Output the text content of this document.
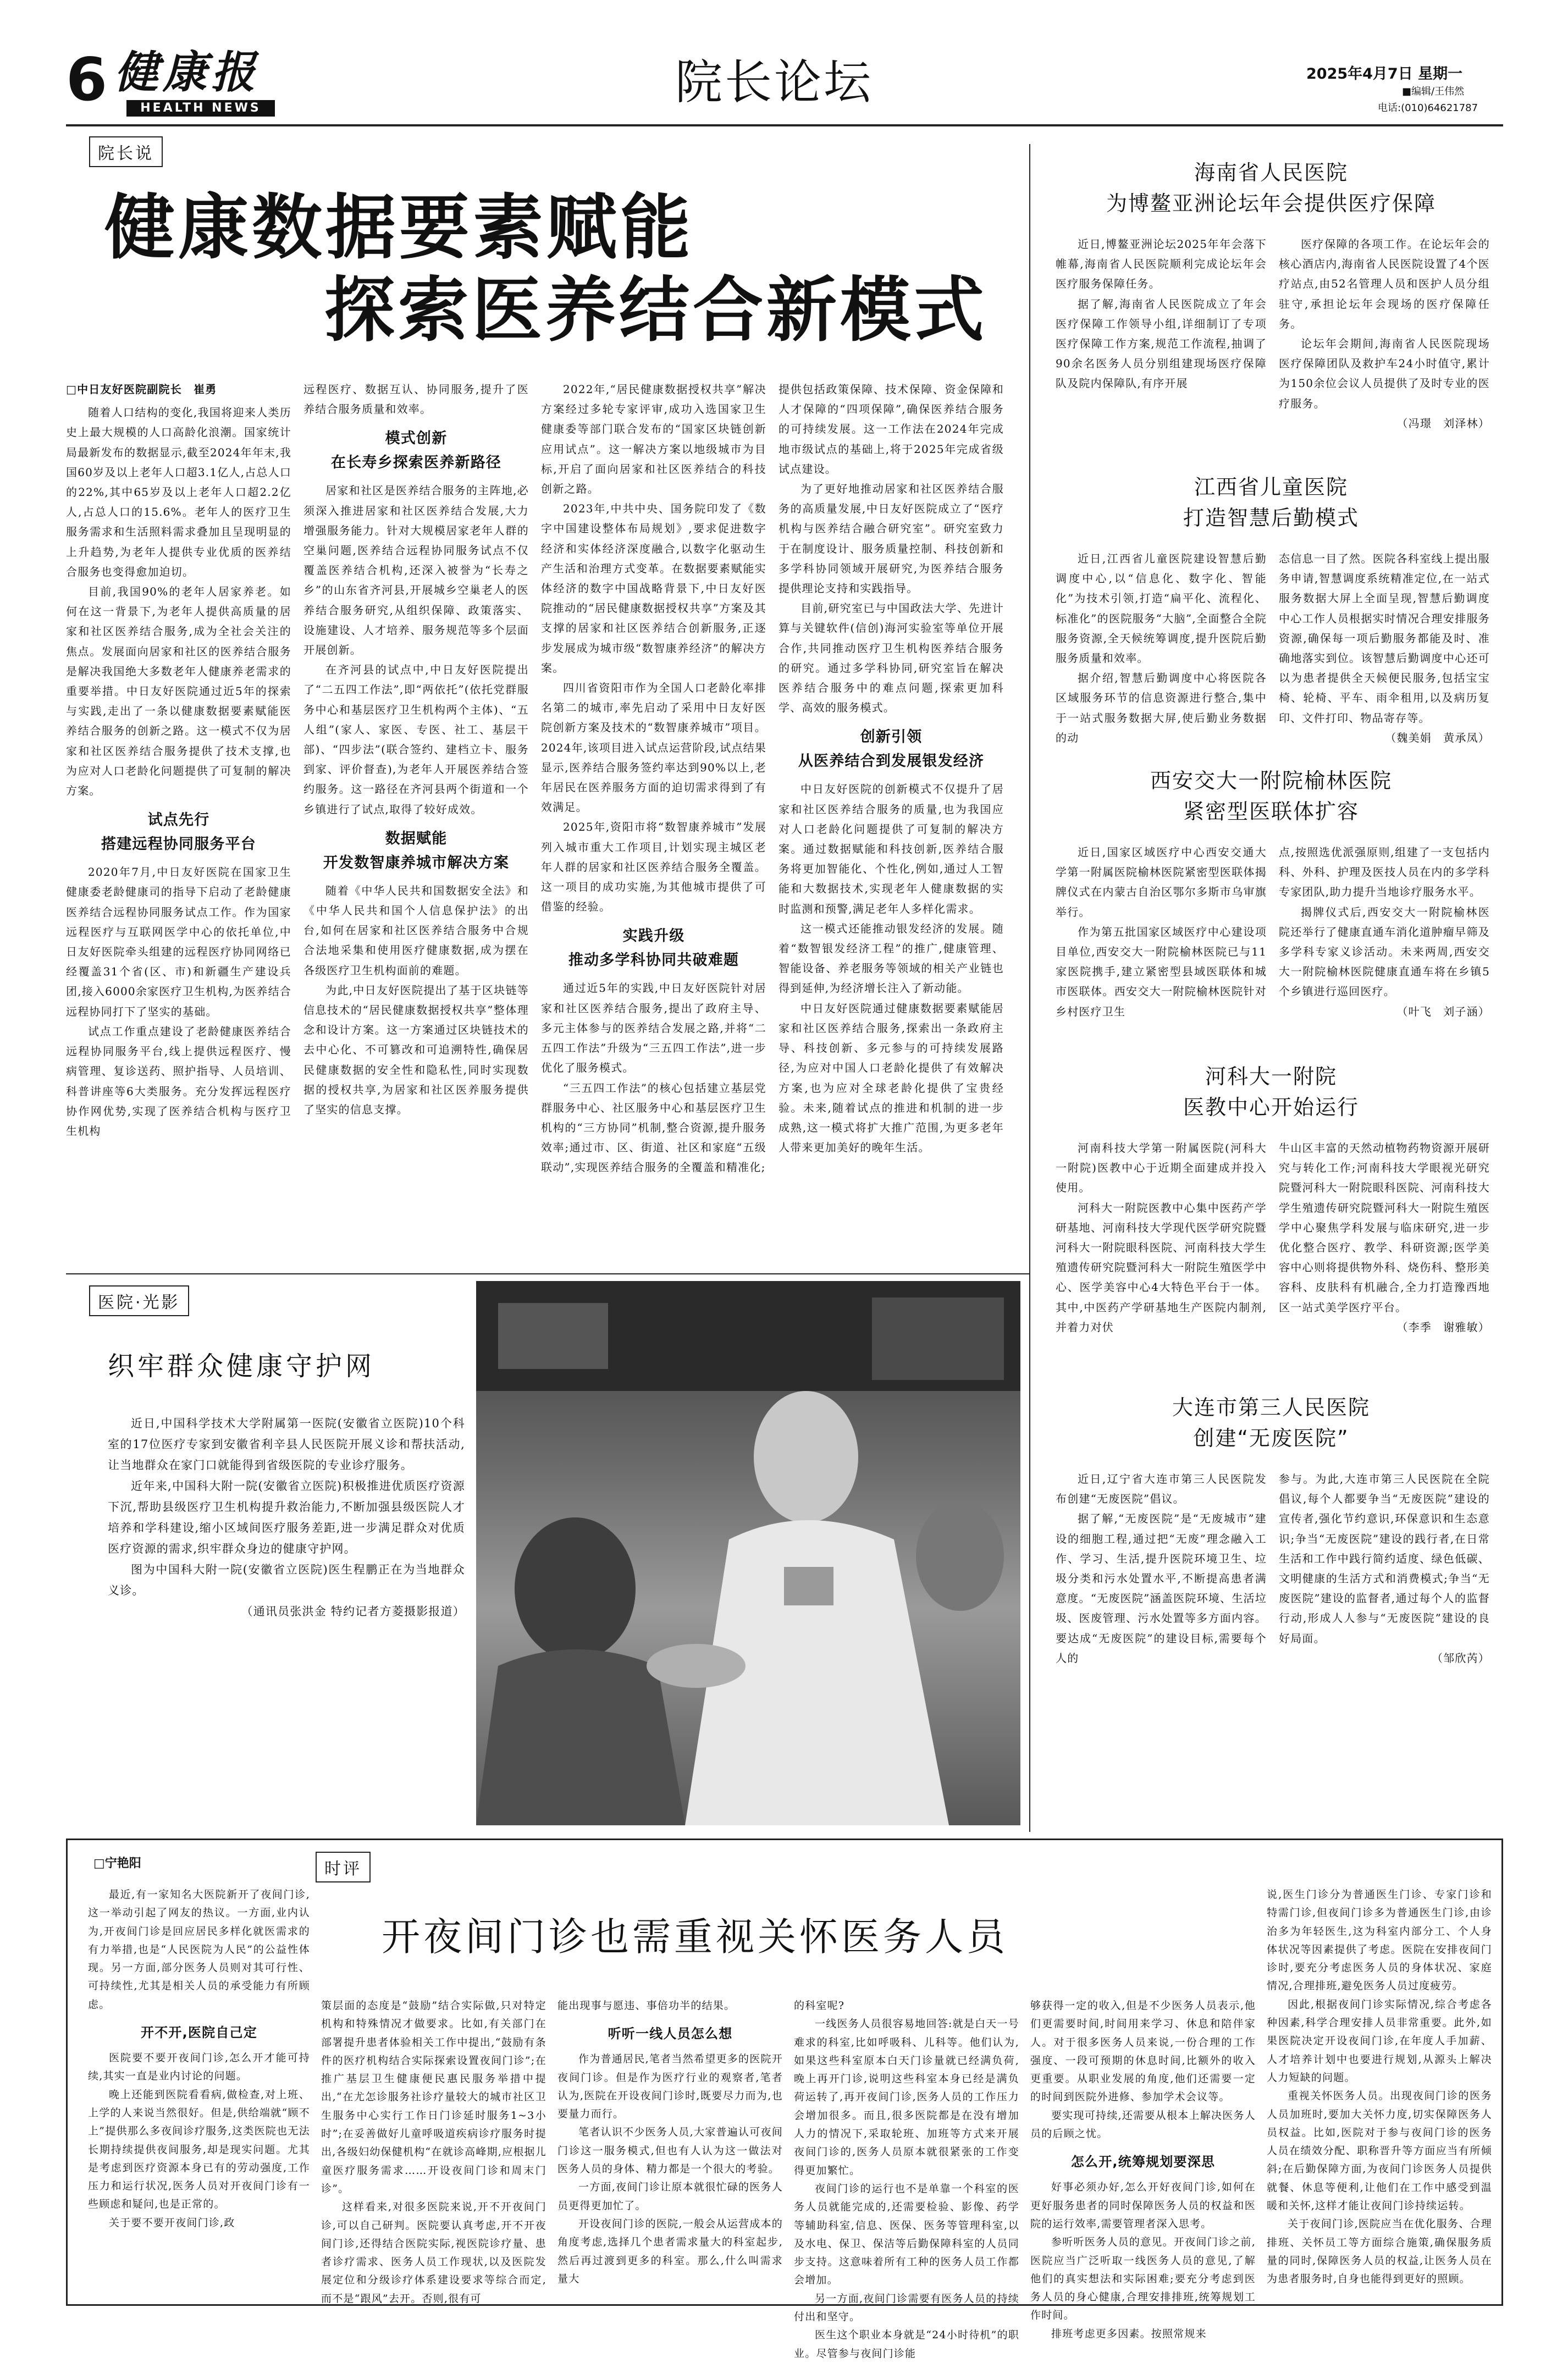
6 健康报
HEALTH NEWS	院长论坛	2025年4月7日 星期一
■编辑/王伟然
电话:(010)64621787
院长说
健康数据要素赋能
探索医养结合新模式

□中日友好医院副院长　崔勇

随着人口结构的变化,我国将迎来人类历史上最大规模的人口高龄化浪潮。国家统计局最新发布的数据显示,截至2024年年末,我国60岁及以上老年人口超3.1亿人,占总人口的22%,其中65岁及以上老年人口超2.2亿人,占总人口的15.6%。老年人的医疗卫生服务需求和生活照料需求叠加且呈现明显的上升趋势,为老年人提供专业优质的医养结合服务也变得愈加迫切。

目前,我国90%的老年人居家养老。如何在这一背景下,为老年人提供高质量的居家和社区医养结合服务,成为全社会关注的焦点。发展面向居家和社区的医养结合服务是解决我国绝大多数老年人健康养老需求的重要举措。中日友好医院通过近5年的探索与实践,走出了一条以健康数据要素赋能医养结合服务的创新之路。这一模式不仅为居家和社区医养结合服务提供了技术支撑,也为应对人口老龄化问题提供了可复制的解决方案。

试点先行
搭建远程协同服务平台

2020年7月,中日友好医院在国家卫生健康委老龄健康司的指导下启动了老龄健康医养结合远程协同服务试点工作。作为国家远程医疗与互联网医学中心的依托单位,中日友好医院牵头组建的远程医疗协同网络已经覆盖31个省(区、市)和新疆生产建设兵团,接入6000余家医疗卫生机构,为医养结合远程协同打下了坚实的基础。

试点工作重点建设了老龄健康医养结合远程协同服务平台,线上提供远程医疗、慢病管理、复诊送药、照护指导、人员培训、科普讲座等6大类服务。充分发挥远程医疗协作网优势,实现了医养结合机构与医疗卫生机构

远程医疗、数据互认、协同服务,提升了医养结合服务质量和效率。

模式创新
在长寿乡探索医养新路径

居家和社区是医养结合服务的主阵地,必须深入推进居家和社区医养结合发展,大力增强服务能力。针对大规模居家老年人群的空巢问题,医养结合远程协同服务试点不仅覆盖医养结合机构,还深入被誉为“长寿之乡”的山东省齐河县,开展城乡空巢老人的医养结合服务研究,从组织保障、政策落实、设施建设、人才培养、服务规范等多个层面开展创新。

在齐河县的试点中,中日友好医院提出了“二五四工作法”,即“两依托”(依托党群服务中心和基层医疗卫生机构两个主体)、“五人组”(家人、家医、专医、社工、基层干部)、“四步法”(联合签约、建档立卡、服务到家、评价督查),为老年人开展医养结合签约服务。这一路径在齐河县两个街道和一个乡镇进行了试点,取得了较好成效。

数据赋能
开发数智康养城市解决方案

随着《中华人民共和国数据安全法》和《中华人民共和国个人信息保护法》的出台,如何在居家和社区医养结合服务中合规合法地采集和使用医疗健康数据,成为摆在各级医疗卫生机构面前的难题。

为此,中日友好医院提出了基于区块链等信息技术的“居民健康数据授权共享”整体理念和设计方案。这一方案通过区块链技术的去中心化、不可篡改和可追溯特性,确保居民健康数据的安全性和隐私性,同时实现数据的授权共享,为居家和社区医养服务提供了坚实的信息支撑。

2022年,“居民健康数据授权共享”解决方案经过多轮专家评审,成功入选国家卫生健康委等部门联合发布的“国家区块链创新应用试点”。这一解决方案以地级城市为目标,开启了面向居家和社区医养结合的科技创新之路。

2023年,中共中央、国务院印发了《数字中国建设整体布局规划》,要求促进数字经济和实体经济深度融合,以数字化驱动生产生活和治理方式变革。在数据要素赋能实体经济的数字中国战略背景下,中日友好医院推动的“居民健康数据授权共享”方案及其支撑的居家和社区医养结合创新服务,正逐步发展成为城市级“数智康养经济”的解决方案。

四川省资阳市作为全国人口老龄化率排名第二的城市,率先启动了采用中日友好医院创新方案及技术的“数智康养城市”项目。2024年,该项目进入试点运营阶段,试点结果显示,医养结合服务签约率达到90%以上,老年居民在医养服务方面的迫切需求得到了有效满足。

2025年,资阳市将“数智康养城市”发展列入城市重大工作项目,计划实现主城区老年人群的居家和社区医养结合服务全覆盖。这一项目的成功实施,为其他城市提供了可借鉴的经验。

实践升级
推动多学科协同共破难题

通过近5年的实践,中日友好医院针对居家和社区医养结合服务,提出了政府主导、多元主体参与的医养结合发展之路,并将“二五四工作法”升级为“三五四工作法”,进一步优化了服务模式。

“三五四工作法”的核心包括建立基层党群服务中心、社区服务中心和基层医疗卫生机构的“三方协同”机制,整合资源,提升服务效率;通过市、区、街道、社区和家庭“五级联动”,实现医养结合服务的全覆盖和精准化;

提供包括政策保障、技术保障、资金保障和人才保障的“四项保障”,确保医养结合服务的可持续发展。这一工作法在2024年完成地市级试点的基础上,将于2025年完成省级试点建设。

为了更好地推动居家和社区医养结合服务的高质量发展,中日友好医院成立了“医疗机构与医养结合融合研究室”。研究室致力于在制度设计、服务质量控制、科技创新和多学科协同领域开展研究,为医养结合服务提供理论支持和实践指导。

目前,研究室已与中国政法大学、先进计算与关键软件(信创)海河实验室等单位开展合作,共同推动医疗卫生机构医养结合服务的研究。通过多学科协同,研究室旨在解决医养结合服务中的难点问题,探索更加科学、高效的服务模式。

创新引领
从医养结合到发展银发经济

中日友好医院的创新模式不仅提升了居家和社区医养结合服务的质量,也为我国应对人口老龄化问题提供了可复制的解决方案。通过数据赋能和科技创新,医养结合服务将更加智能化、个性化,例如,通过人工智能和大数据技术,实现老年人健康数据的实时监测和预警,满足老年人多样化需求。

这一模式还能推动银发经济的发展。随着“数智银发经济工程”的推广,健康管理、智能设备、养老服务等领域的相关产业链也得到延伸,为经济增长注入了新动能。

中日友好医院通过健康数据要素赋能居家和社区医养结合服务,探索出一条政府主导、科技创新、多元参与的可持续发展路径,为应对中国人口老龄化提供了有效解决方案,也为应对全球老龄化提供了宝贵经验。未来,随着试点的推进和机制的进一步成熟,这一模式将扩大推广范围,为更多老年人带来更加美好的晚年生活。

海南省人民医院
为博鳌亚洲论坛年会提供医疗保障

近日,博鳌亚洲论坛2025年年会落下帷幕,海南省人民医院顺利完成论坛年会医疗服务保障任务。

据了解,海南省人民医院成立了年会医疗保障工作领导小组,详细制订了专项医疗保障工作方案,规范工作流程,抽调了90余名医务人员分别组建现场医疗保障队及院内保障队,有序开展

医疗保障的各项工作。在论坛年会的核心酒店内,海南省人民医院设置了4个医疗站点,由52名管理人员和医护人员分组驻守,承担论坛年会现场的医疗保障任务。

论坛年会期间,海南省人民医院现场医疗保障团队及救护车24小时值守,累计为150余位会议人员提供了及时专业的医疗服务。

（冯璟　刘泽林）

江西省儿童医院
打造智慧后勤模式

近日,江西省儿童医院建设智慧后勤调度中心,以“信息化、数字化、智能化”为技术引领,打造“扁平化、流程化、标准化”的医院服务“大脑”,全面整合全院服务资源,全天候统筹调度,提升医院后勤服务质量和效率。

据介绍,智慧后勤调度中心将医院各区域服务环节的信息资源进行整合,集中于一站式服务数据大屏,使后勤业务数据的动

态信息一目了然。医院各科室线上提出服务申请,智慧调度系统精准定位,在一站式服务数据大屏上全面呈现,智慧后勤调度中心工作人员根据实时情况合理安排服务资源,确保每一项后勤服务都能及时、准确地落实到位。该智慧后勤调度中心还可以为患者提供全天候便民服务,包括宝宝椅、轮椅、平车、雨伞租用,以及病历复印、文件打印、物品寄存等。

（魏美娟　黄承凤）

西安交大一附院榆林医院
紧密型医联体扩容

近日,国家区域医疗中心西安交通大学第一附属医院榆林医院紧密型医联体揭牌仪式在内蒙古自治区鄂尔多斯市乌审旗举行。

作为第五批国家区域医疗中心建设项目单位,西安交大一附院榆林医院已与11家医院携手,建立紧密型县域医联体和城市医联体。西安交大一附院榆林医院针对乡村医疗卫生

点,按照选优派强原则,组建了一支包括内科、外科、护理及医技人员在内的多学科专家团队,助力提升当地诊疗服务水平。

揭牌仪式后,西安交大一附院榆林医院还举行了健康直通车消化道肿瘤早筛及多学科专家义诊活动。未来两周,西安交大一附院榆林医院健康直通车将在乡镇5个乡镇进行巡回医疗。

（叶飞　刘子涵）

河科大一附院
医教中心开始运行

河南科技大学第一附属医院(河科大一附院)医教中心于近期全面建成并投入使用。

河科大一附院医教中心集中医药产学研基地、河南科技大学现代医学研究院暨河科大一附院眼科医院、河南科技大学生殖遗传研究院暨河科大一附院生殖医学中心、医学美容中心4大特色平台于一体。其中,中医药产学研基地生产医院内制剂,并着力对伏

牛山区丰富的天然动植物药物资源开展研究与转化工作;河南科技大学眼视光研究院暨河科大一附院眼科医院、河南科技大学生殖遗传研究院暨河科大一附院生殖医学中心聚焦学科发展与临床研究,进一步优化整合医疗、教学、科研资源;医学美容中心则将提供物外科、烧伤科、整形美容科、皮肤科有机融合,全力打造豫西地区一站式美学医疗平台。

（李季　谢雅敏）

大连市第三人民医院
创建“无废医院”

近日,辽宁省大连市第三人民医院发布创建“无废医院”倡议。

据了解,“无废医院”是“无废城市”建设的细胞工程,通过把“无废”理念融入工作、学习、生活,提升医院环境卫生、垃圾分类和污水处置水平,不断提高患者满意度。“无废医院”涵盖医院环境、生活垃圾、医废管理、污水处置等多方面内容。要达成“无废医院”的建设目标,需要每个人的

参与。为此,大连市第三人民医院在全院倡议,每个人都要争当“无废医院”建设的宣传者,强化节约意识,环保意识和生态意识;争当“无废医院”建设的践行者,在日常生活和工作中践行简约适度、绿色低碳、文明健康的生活方式和消费模式;争当“无废医院”建设的监督者,通过每个人的监督行动,形成人人参与“无废医院”建设的良好局面。

（邹欣芮）

医院·光影
织牢群众健康守护网

近日,中国科学技术大学附属第一医院(安徽省立医院)10个科室的17位医疗专家到安徽省利辛县人民医院开展义诊和帮扶活动,让当地群众在家门口就能得到省级医院的专业诊疗服务。

近年来,中国科大附一院(安徽省立医院)积极推进优质医疗资源下沉,帮助县级医疗卫生机构提升救治能力,不断加强县级医院人才培养和学科建设,缩小区域间医疗服务差距,进一步满足群众对优质医疗资源的需求,织牢群众身边的健康守护网。

图为中国科大附一院(安徽省立医院)医生程鹏正在为当地群众义诊。

（通讯员张洪金 特约记者方菱摄影报道）

□宁艳阳	时评
开夜间门诊也需重视关怀医务人员

最近,有一家知名大医院新开了夜间门诊,这一举动引起了网友的热议。一方面,业内认为,开夜间门诊是回应居民多样化就医需求的有力举措,也是“人民医院为人民”的公益性体现。另一方面,部分医务人员则对其可行性、可持续性,尤其是相关人员的承受能力有所顾虑。

开不开,医院自己定

医院要不要开夜间门诊,怎么开才能可持续,其实一直是业内讨论的问题。

晚上还能到医院看看病,做检查,对上班、上学的人来说当然很好。但是,供给端就“顾不上”提供那么多夜间诊疗服务,这类医院也无法长期持续提供夜间服务,却是现实问题。尤其是考虑到医疗资源本身已有的劳动强度,工作压力和运行状况,医务人员对开夜间门诊有一些顾虑和疑问,也是正常的。

关于要不要开夜间门诊,政

策层面的态度是“鼓励”结合实际做,只对特定机构和特殊情况才做要求。比如,有关部门在部署提升患者体验相关工作中提出,“鼓励有条件的医疗机构结合实际探索设置夜间门诊”;在推广基层卫生健康便民惠民服务举措中提出,“在尤怎诊服务社诊疗量较大的城市社区卫生服务中心实行工作日门诊延时服务1~3小时”;在妥善做好儿童呼吸道疾病诊疗服务时提出,各级妇幼保健机构“在就诊高峰期,应根据儿童医疗服务需求……开设夜间门诊和周末门诊”。

这样看来,对很多医院来说,开不开夜间门诊,可以自己研判。医院要认真考虑,开不开夜间门诊,还得结合医院实际,视医院诊疗量、患者诊疗需求、医务人员工作现状,以及医院发展定位和分级诊疗体系建设要求等综合而定,而不是“跟风”去开。否则,很有可

能出现事与愿违、事倍功半的结果。

听听一线人员怎么想

作为普通居民,笔者当然希望更多的医院开夜间门诊。但是作为医疗行业的观察者,笔者认为,医院在开设夜间门诊时,既要尽力而为,也要量力而行。

笔者认识不少医务人员,大家普遍认可夜间门诊这一服务模式,但也有人认为这一做法对医务人员的身体、精力都是一个很大的考验。

一方面,夜间门诊让原本就很忙碌的医务人员更得更加忙了。

开设夜间门诊的医院,一般会从运营成本的角度考虑,选择几个患者需求量大的科室起步,然后再过渡到更多的科室。那么,什么叫需求量大

的科室呢?

一线医务人员很容易地回答:就是白天一号难求的科室,比如呼吸科、儿科等。他们认为,如果这些科室原本白天门诊量就已经满负荷,晚上再开门诊,说明这些科室本身已经是满负荷运转了,再开夜间门诊,医务人员的工作压力会增加很多。而且,很多医院都是在没有增加人力的情况下,采取轮班、加班等方式来开展夜间门诊的,医务人员原本就很紧张的工作变得更加繁忙。

夜间门诊的运行也不是单靠一个科室的医务人员就能完成的,还需要检验、影像、药学等辅助科室,信息、医保、医务等管理科室,以及水电、保卫、保洁等后勤保障科室的人员同步支持。这意味着所有工种的医务人员工作都会增加。

另一方面,夜间门诊需要有医务人员的持续付出和坚守。

医生这个职业本身就是“24小时待机”的职业。尽管参与夜间门诊能

够获得一定的收入,但是不少医务人员表示,他们更需要时间,时间用来学习、休息和陪伴家人。对于很多医务人员来说,一份合理的工作强度、一段可预期的休息时间,比额外的收入更重要。从职业发展的角度,他们还需要一定的时间到医院外进修、参加学术会议等。

要实现可持续,还需要从根本上解决医务人员的后顾之忧。

怎么开,统筹规划要深思

好事必须办好,怎么开好夜间门诊,如何在更好服务患者的同时保障医务人员的权益和医院的运行效率,需要管理者深入思考。

参听听医务人员的意见。开夜间门诊之前,医院应当广泛听取一线医务人员的意见,了解他们的真实想法和实际困难;要充分考虑到医务人员的身心健康,合理安排排班,统筹规划工作时间。

排班考虑更多因素。按照常规来

说,医生门诊分为普通医生门诊、专家门诊和特需门诊,但夜间门诊多为普通医生门诊,由诊治多为年轻医生,这为科室内部分工、个人身体状况等因素提供了考虑。医院在安排夜间门诊时,要充分考虑医务人员的身体状况、家庭情况,合理排班,避免医务人员过度疲劳。

因此,根据夜间门诊实际情况,综合考虑各种因素,科学合理安排人员非常重要。此外,如果医院决定开设夜间门诊,在年度人手加薪、人才培养计划中也要进行规划,从源头上解决人力短缺的问题。

重视关怀医务人员。出现夜间门诊的医务人员加班时,要加大关怀力度,切实保障医务人员权益。比如,医院对于参与夜间门诊的医务人员在绩效分配、职称晋升等方面应当有所倾斜;在后勤保障方面,为夜间门诊医务人员提供就餐、休息等便利,让他们在工作中感受到温暖和关怀,这样才能让夜间门诊持续运转。

关于夜间门诊,医院应当在优化服务、合理排班、关怀员工等方面综合施策,确保服务质量的同时,保障医务人员的权益,让医务人员在为患者服务时,自身也能得到更好的照顾。
